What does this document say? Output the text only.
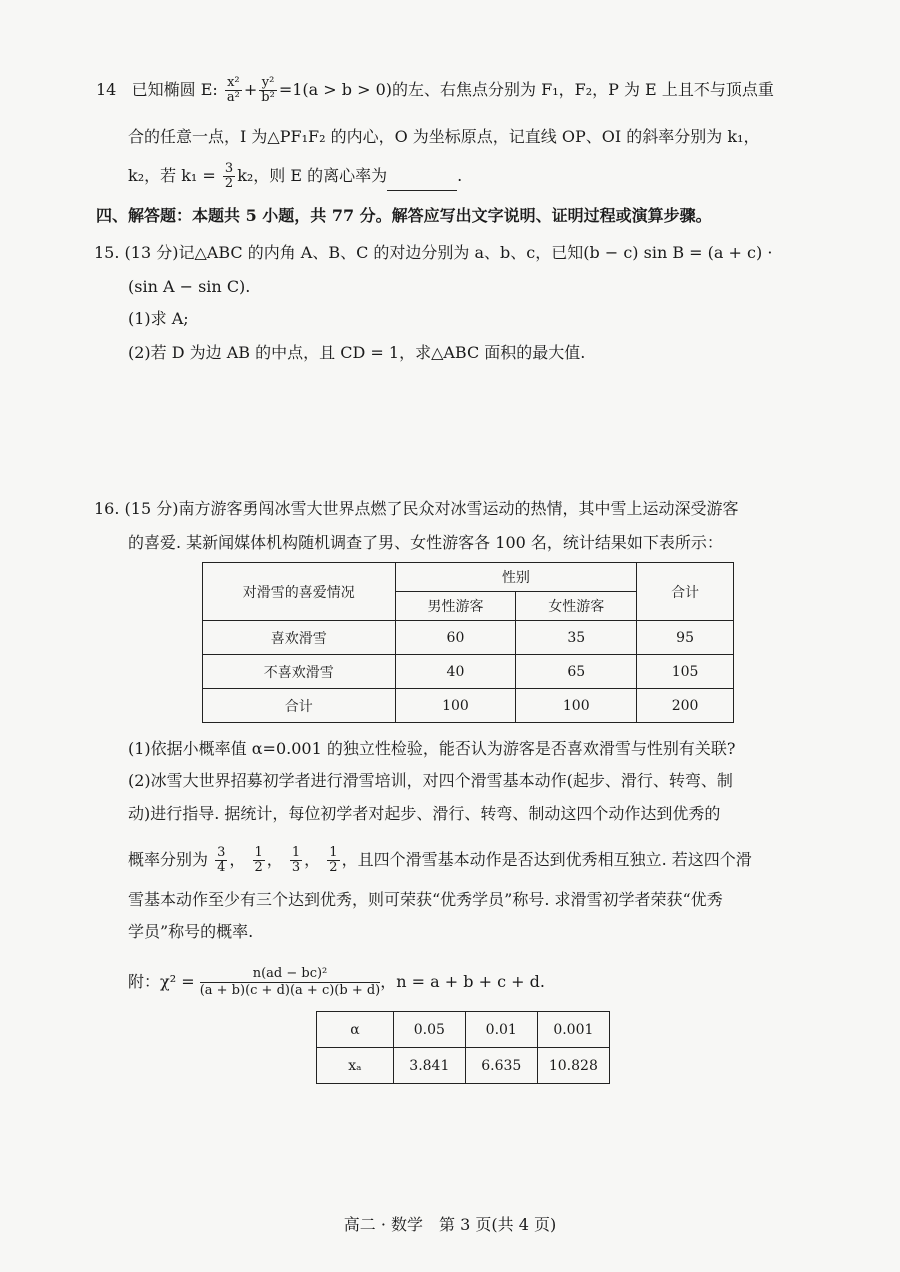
14 已知椭圆 E: $\frac{\text{x²}}{\text{a²}} + \frac{\text{y²}}{\text{b²}} =1(a > b > 0)$的左、右焦点分别为 F₁，F₂，P 为 E 上且不与顶点重
合的任意一点，I 为△PF₁F₂ 的内心，O 为坐标原点，记直线 OP、OI 的斜率分别为 k₁，
k₂，若 $k_1 = \frac{3}{2} k_2$，则 E 的离心率为	.
四、解答题：本题共 5 小题，共 77 分。解答应写出文字说明、证明过程或演算步骤。
15. (13 分)记△ABC 的内角 A、B、C 的对边分别为 a、b、c，已知(b − c) sin B = (a + c) ·
(sin A − sin C).
(1)求 A;
(2)若 D 为边 AB 的中点，且 CD = 1，求△ABC 面积的最大值.
16. (15 分)南方游客勇闯冰雪大世界点燃了民众对冰雪运动的热情，其中雪上运动深受游客
的喜爱. 某新闻媒体机构随机调查了男、女性游客各 100 名，统计结果如下表所示：
对滑雪的喜爱情况	性别		合计
	男性游客	女性游客	
喜欢滑雪	60	35	95
不喜欢滑雪	40	65	105
合计	100	100	200
(1)依据小概率值 α=0.001 的独立性检验，能否认为游客是否喜欢滑雪与性别有关联?
(2)冰雪大世界招募初学者进行滑雪培训，对四个滑雪基本动作(起步、滑行、转弯、制
动)进行指导. 据统计，每位初学者对起步、滑行、转弯、制动这四个动作达到优秀的
概率分别为 $\frac{3}{4}$ ， $\frac{1}{2}$ ， $\frac{1}{3}$ ， $\frac{1}{2}$ ，且四个滑雪基本动作是否达到优秀相互独立. 若这四个滑
雪基本动作至少有三个达到优秀，则可荣获“优秀学员”称号. 求滑雪初学者荣获“优秀
学员”称号的概率.
附：$\chi^2 = \frac{\text{n(ad − bc)²}}{(a + b)(c + d)(a + c)(b + d)}$，n = a + b + c + d.
α	0.05	0.01	0.001
xₐ	3.841	6.635	10.828
高二 · 数学　第 3 页(共 4 页)
